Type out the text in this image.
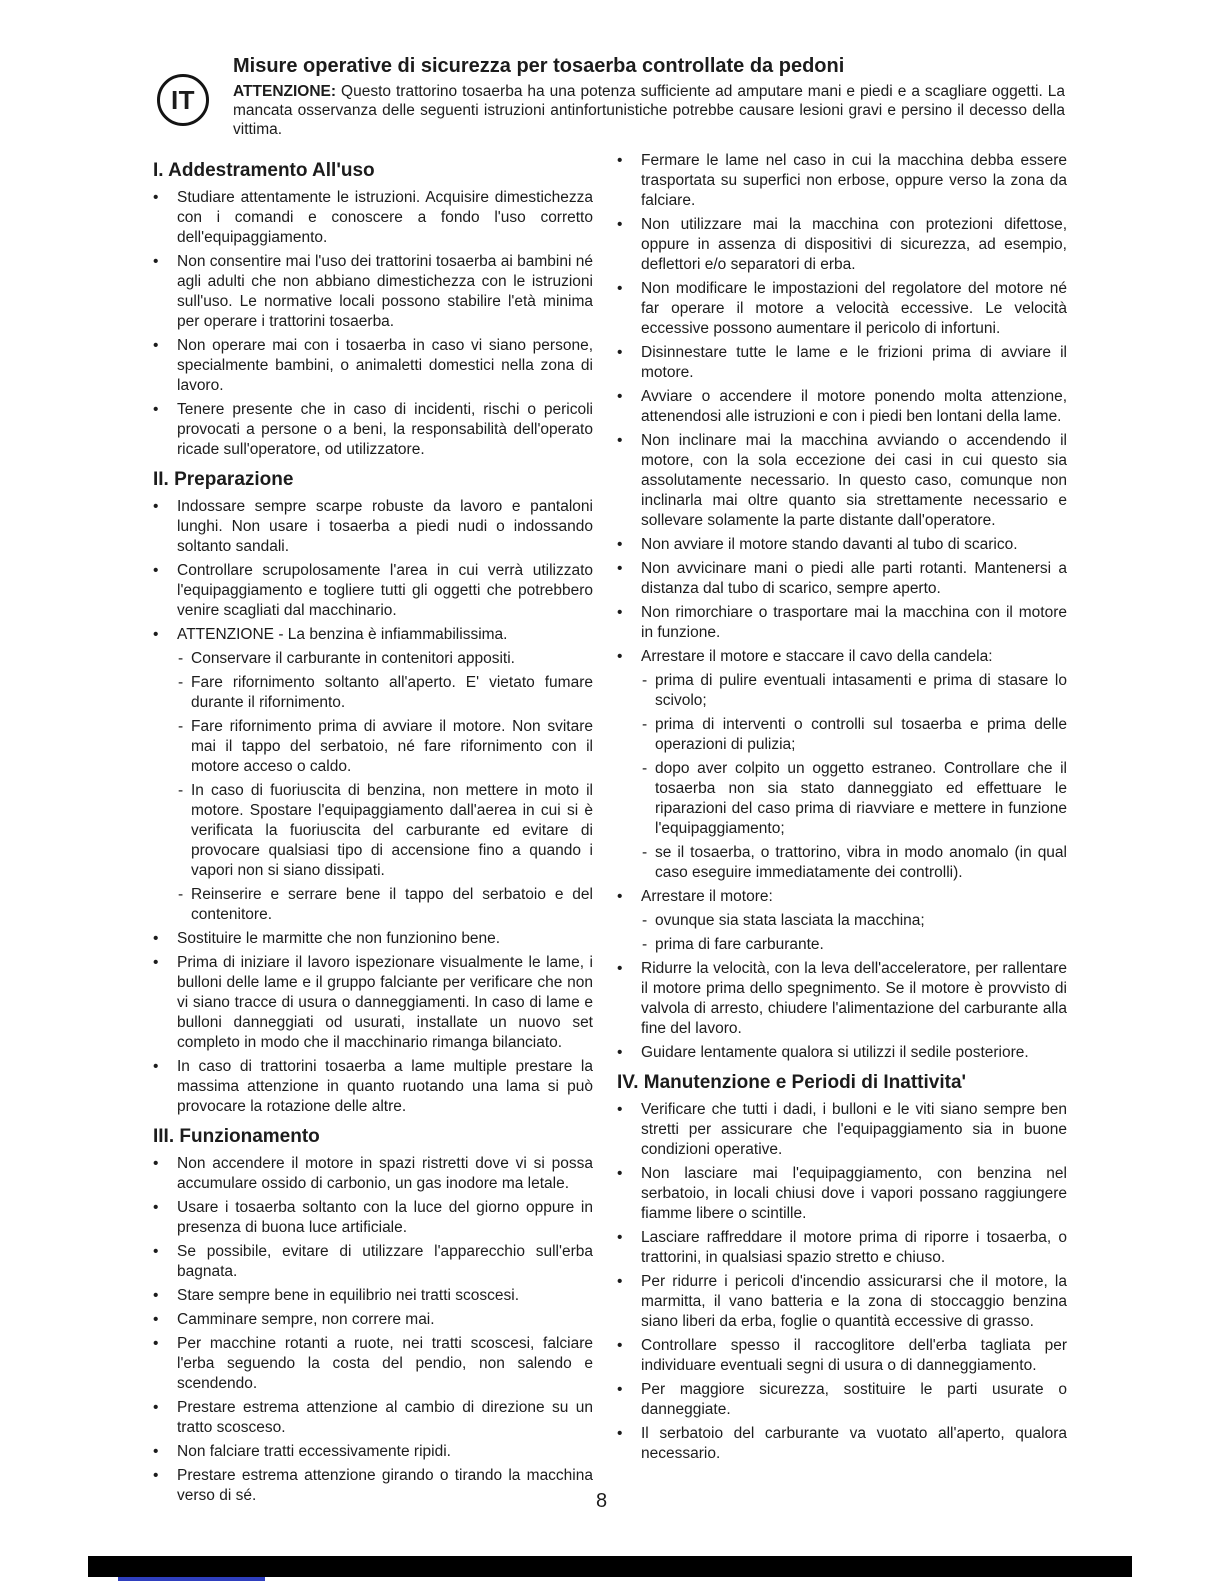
IT
Misure operative di sicurezza per tosaerba controllate da pedoni

ATTENZIONE: Questo trattorino tosaerba ha una potenza sufficiente ad amputare mani e piedi e a scagliare oggetti. La mancata osservanza delle seguenti istruzioni antinfortunistiche potrebbe causare lesioni gravi e persino il decesso della vittima.

I. Addestramento All'uso
•	Studiare attentamente le istruzioni. Acquisire dimestichezza con i comandi e conoscere a fondo l'uso corretto dell'equipaggiamento.
•	Non consentire mai l'uso dei trattorini tosaerba ai bambini né agli adulti che non abbiano dimestichezza con le istruzioni sull'uso. Le normative locali possono stabilire l'età minima per operare i trattorini tosaerba.
•	Non operare mai con i tosaerba in caso vi siano persone, specialmente bambini, o animaletti domestici nella zona di lavoro.
•	Tenere presente che in caso di incidenti, rischi o pericoli provocati a persone o a beni, la responsabilità dell'operato ricade sull'operatore, od utilizzatore.
II. Preparazione
•	Indossare sempre scarpe robuste da lavoro e pantaloni lunghi. Non usare i tosaerba a piedi nudi o indossando soltanto sandali.
•	Controllare scrupolosamente l'area in cui verrà utilizzato l'equipaggiamento e togliere tutti gli oggetti che potrebbero venire scagliati dal macchinario.
•	ATTENZIONE - La benzina è infiammabilissima.
- Conservare il carburante in contenitori appositi.
- Fare rifornimento soltanto all'aperto. E' vietato fumare durante il rifornimento.
- Fare rifornimento prima di avviare il motore. Non svitare mai il tappo del serbatoio, né fare rifornimento con il motore acceso o caldo.
- In caso di fuoriuscita di benzina, non mettere in moto il motore. Spostare l'equipaggiamento dall'aerea in cui si è verificata la fuoriuscita del carburante ed evitare di provocare qualsiasi tipo di accensione fino a quando i vapori non si siano dissipati.
- Reinserire e serrare bene il tappo del serbatoio e del contenitore.
•	Sostituire le marmitte che non funzionino bene.
•	Prima di iniziare il lavoro ispezionare visualmente le lame, i bulloni delle lame e il gruppo falciante per verificare che non vi siano tracce di usura o danneggiamenti. In caso di lame e bulloni danneggiati od usurati, installate un nuovo set completo in modo che il macchinario rimanga bilanciato.
•	In caso di trattorini tosaerba a lame multiple prestare la massima attenzione in quanto ruotando una lama si può provocare la rotazione delle altre.
III. Funzionamento
•	Non accendere il motore in spazi ristretti dove vi si possa accumulare ossido di carbonio, un gas inodore ma letale.
•	Usare i tosaerba soltanto con la luce del giorno oppure in presenza di buona luce artificiale.
•	Se possibile, evitare di utilizzare l'apparecchio sull'erba bagnata.
•	Stare sempre bene in equilibrio nei tratti scoscesi.
•	Camminare sempre, non correre mai.
•	Per macchine rotanti a ruote, nei tratti scoscesi, falciare l'erba seguendo la costa del pendio, non salendo e scendendo.
•	Prestare estrema attenzione al cambio di direzione su un tratto scosceso.
•	Non falciare tratti eccessivamente ripidi.
•	Prestare estrema attenzione girando o tirando la macchina verso di sé.
•	Fermare le lame nel caso in cui la macchina debba essere trasportata su superfici non erbose, oppure verso la zona da falciare.
•	Non utilizzare mai la macchina con protezioni difettose, oppure in assenza di dispositivi di sicurezza, ad esempio, deflettori e/o separatori di erba.
•	Non modificare le impostazioni del regolatore del motore né far operare il motore a velocità eccessive. Le velocità eccessive possono aumentare il pericolo di infortuni.
•	Disinnestare tutte le lame e le frizioni prima di avviare il motore.
•	Avviare o accendere il motore ponendo molta attenzione, attenendosi alle istruzioni e con i piedi ben lontani della lame.
•	Non inclinare mai la macchina avviando o accendendo il motore, con la sola eccezione dei casi in cui questo sia assolutamente necessario. In questo caso, comunque non inclinarla mai oltre quanto sia strettamente necessario e sollevare solamente la parte distante dall'operatore.
•	Non avviare il motore stando davanti al tubo di scarico.
•	Non avvicinare mani o piedi alle parti rotanti. Mantenersi a distanza dal tubo di scarico, sempre aperto.
•	Non rimorchiare o trasportare mai la macchina con il motore in funzione.
•	Arrestare il motore e staccare il cavo della candela:
- prima di pulire eventuali intasamenti e prima di stasare lo scivolo;
- prima di interventi o controlli sul tosaerba e prima delle operazioni di pulizia;
- dopo aver colpito un oggetto estraneo. Controllare che il tosaerba non sia stato danneggiato ed effettuare le riparazioni del caso prima di riavviare e mettere in funzione l'equipaggiamento;
- se il tosaerba, o trattorino, vibra in modo anomalo (in qual caso eseguire immediatamente dei controlli).
•	Arrestare il motore:
- ovunque sia stata lasciata la macchina;
- prima di fare carburante.
•	Ridurre la velocità, con la leva dell'acceleratore, per rallentare il motore prima dello spegnimento. Se il motore è provvisto di valvola di arresto, chiudere l'alimentazione del carburante alla fine del lavoro.
•	Guidare lentamente qualora si utilizzi il sedile posteriore.
IV. Manutenzione e Periodi di Inattivita'
•	Verificare che tutti i dadi, i bulloni e le viti siano sempre ben stretti per assicurare che l'equipaggiamento sia in buone condizioni operative.
•	Non lasciare mai l'equipaggiamento, con benzina nel serbatoio, in locali chiusi dove i vapori possano raggiungere fiamme libere o scintille.
•	Lasciare raffreddare il motore prima di riporre i tosaerba, o trattorini, in qualsiasi spazio stretto e chiuso.
•	Per ridurre i pericoli d'incendio assicurarsi che il motore, la marmitta, il vano batteria e la zona di stoccaggio benzina siano liberi da erba, foglie o quantità eccessive di grasso.
•	Controllare spesso il raccoglitore dell'erba tagliata per individuare eventuali segni di usura o di danneggiamento.
•	Per maggiore sicurezza, sostituire le parti usurate o danneggiate.
•	Il serbatoio del carburante va vuotato all'aperto, qualora necessario.
8
